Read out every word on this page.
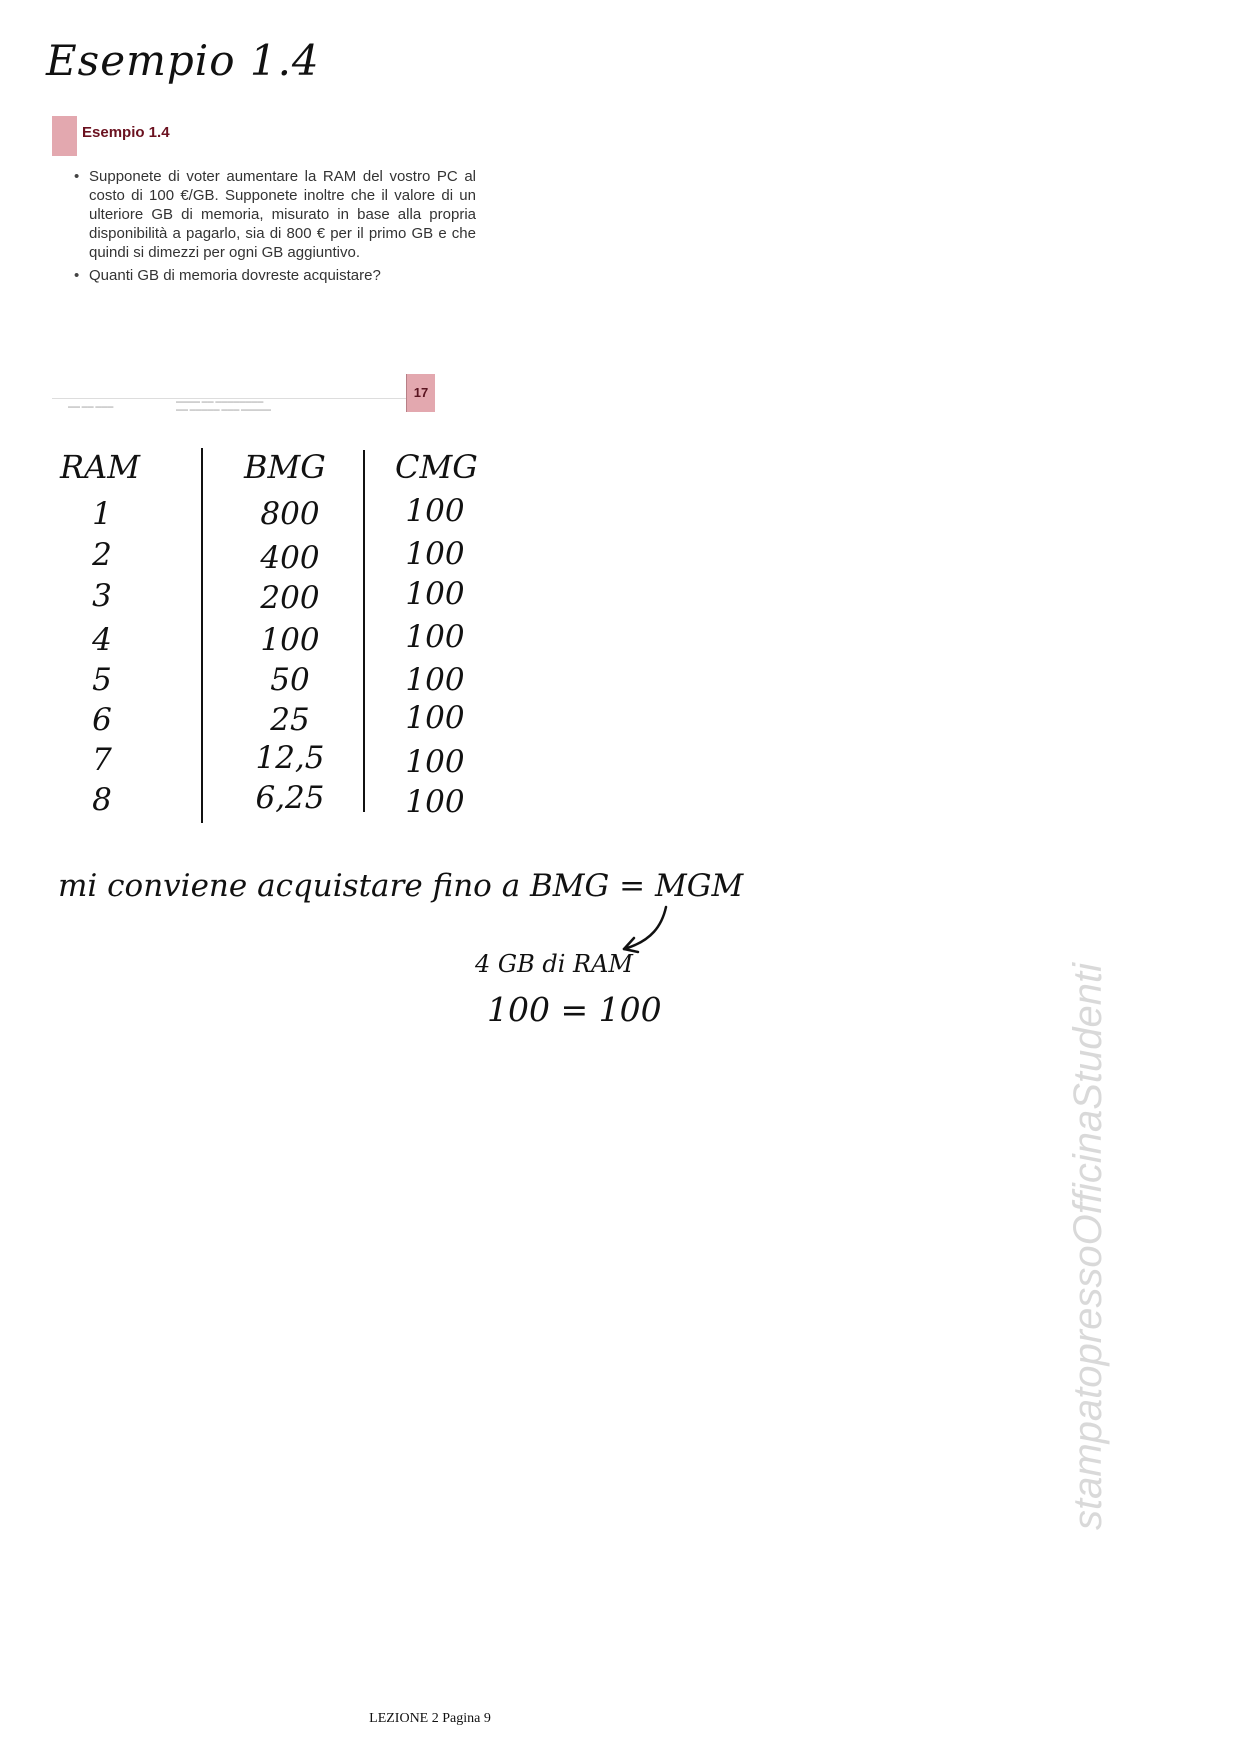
Esempio 1.4
Esempio 1.4
• Supponete di voter aumentare la RAM del vostro PC al costo di 100 €/GB. Supponete inoltre che il valore di un ulteriore GB di memoria, misurato in base alla propria disponibilità a pagarlo, sia di 800 € per il primo GB e che quindi si dimezzi per ogni GB aggiuntivo.
• Quanti GB di memoria dovreste acquistare?
▬▬ ▬▬ ▬▬▬
▬▬▬▬ ▬▬ ▬▬▬▬▬▬▬▬
▬▬ ▬▬▬▬▬ ▬▬▬ ▬▬▬▬▬
17
RAM	BMG CMG
1	800	100
2	400	100
3	200	100
4	100	100
5	50	100
6	25	100
7	12,5	100
8	6,25	100
mi conviene acquistare fino a BMG = MGM
4 GB di RAM
100 = 100	stampatopressoOfficinaStudenti
LEZIONE 2 Pagina 9
